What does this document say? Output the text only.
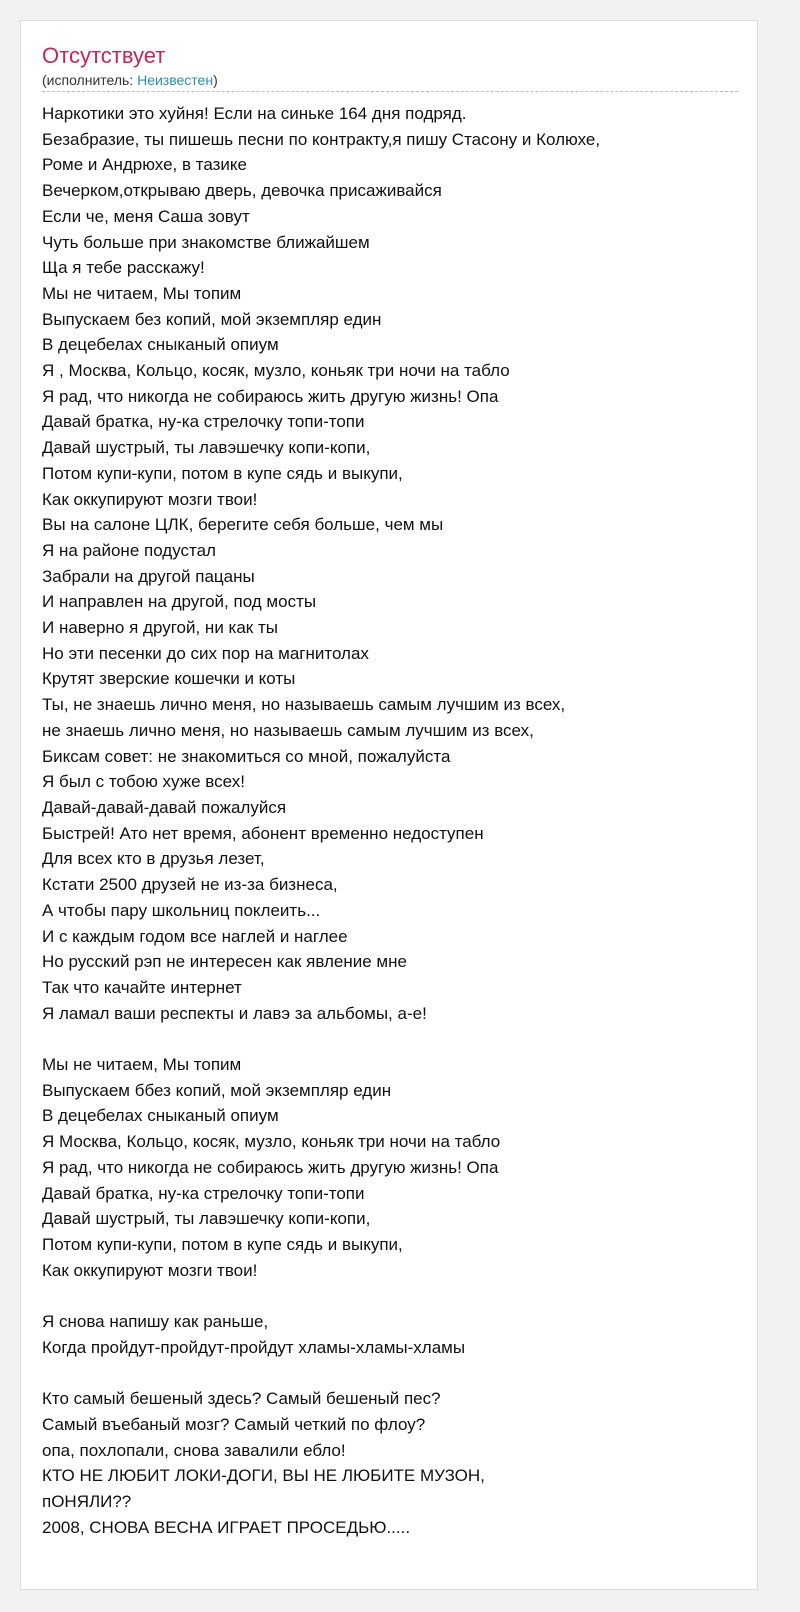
Отсутствует
(исполнитель: Неизвестен)
Наркотики это хуйня! Если на синьке 164 дня подряд.
Безабразие, ты пишешь песни по контракту,я пишу Стасону и Колюхе,
Роме и Андрюхе, в тазике
Вечерком,открываю дверь, девочка присаживайся
Если че, меня Саша зовут
Чуть больше при знакомстве ближайшем
Ща я тебе расскажу!
Мы не читаем, Мы топим
Выпускаем без копий, мой экземпляр един
В децебелах сныканый опиум
Я , Москва, Кольцо, косяк, музло, коньяк три ночи на табло
Я рад, что никогда не собираюсь жить другую жизнь! Опа
Давай братка, ну-ка стрелочку топи-топи
Давай шустрый, ты лавэшечку копи-копи,
Потом купи-купи, потом в купе сядь и выкупи,
Как оккупируют мозги твои!
Вы на салоне ЦЛК, берегите себя больше, чем мы
Я на районе подустал
Забрали на другой пацаны
И направлен на другой, под мосты
И наверно я другой, ни как ты
Но эти песенки до сих пор на магнитолах
Крутят зверские кошечки и коты
Ты, не знаешь лично меня, но называешь самым лучшим из всех,
не знаешь лично меня, но называешь самым лучшим из всех,
Биксам совет: не знакомиться со мной, пожалуйста
Я был с тобою хуже всех!
Давай-давай-давай пожалуйся
Быстрей! Ато нет время, абонент временно недоступен
Для всех кто в друзья лезет,
Кстати 2500 друзей не из-за бизнеса,
А чтобы пару школьниц поклеить...
И с каждым годом все наглей и наглее
Но русский рэп не интересен как явление мне
Так что качайте интернет
Я ламал ваши респекты и лавэ за альбомы, а-е!
Мы не читаем, Мы топим
Выпускаем ббез копий, мой экземпляр един
В децебелах сныканый опиум
Я Москва, Кольцо, косяк, музло, коньяк три ночи на табло
Я рад, что никогда не собираюсь жить другую жизнь! Опа
Давай братка, ну-ка стрелочку топи-топи
Давай шустрый, ты лавэшечку копи-копи,
Потом купи-купи, потом в купе сядь и выкупи,
Как оккупируют мозги твои!
Я снова напишу как раньше,
Когда пройдут-пройдут-пройдут хламы-хламы-хламы
Кто самый бешеный здесь? Самый бешеный пес?
Самый въебаный мозг? Самый четкий по флоу?
опа, похлопали, снова завалили ебло!
КТО НЕ ЛЮБИТ ЛОКИ-ДОГИ, ВЫ НЕ ЛЮБИТЕ МУЗОН,
пОНЯЛИ??
2008, СНОВА ВЕСНА ИГРАЕТ ПРОСЕДЬЮ.....
